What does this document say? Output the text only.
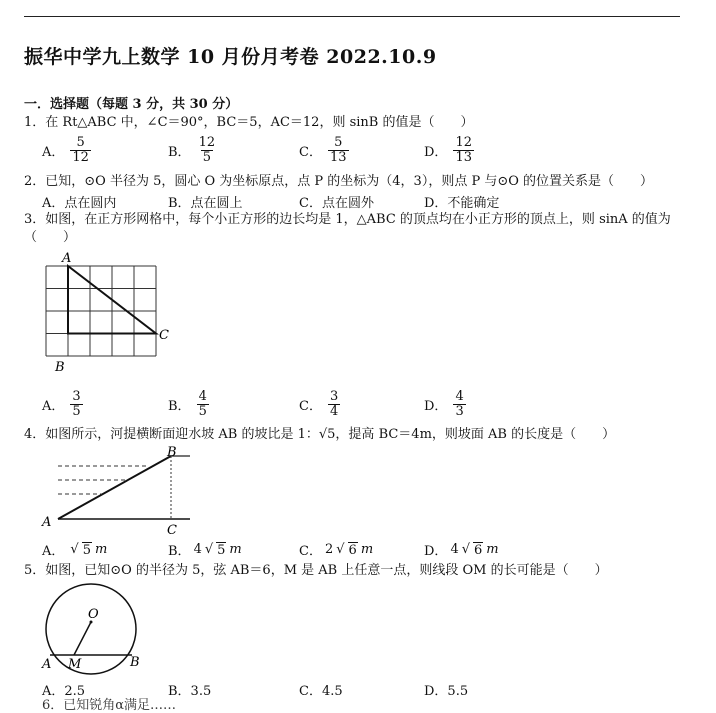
振华中学九上数学 10 月份月考卷 2022.10.9
一．选择题（每题 3 分，共 30 分）
1．在 Rt△ABC 中，∠C＝90°，BC＝5，AC＝12，则 sinB 的值是（　　）
A． $\frac{5}{12}$	B． $\frac{12}{5}$	C． $\frac{5}{13}$	D． $\frac{12}{13}$
2．已知，⊙O 半径为 5，圆心 O 为坐标原点，点 P 的坐标为（4，3），则点 P 与⊙O 的位置关系是（　　）
A．点在圆内	B．点在圆上	C．点在圆外	D．不能确定
3．如图，在正方形网格中，每个小正方形的边长均是 1，△ABC 的顶点均在小正方形的顶点上，则 sinA 的值为
（　　）
A
B
C
A． $\frac{3}{5}$	B． $\frac{4}{5}$	C． $\frac{3}{4}$	D． $\frac{4}{3}$
4．如图所示，河提横断面迎水坡 AB 的坡比是 1：√5，提高 BC＝4m，则坡面 AB 的长度是（　　）
A
B
C
A． √ 5 m	B． 4 √ 5 m	C． 2 √ 6 m	D． 4 √ 6 m
5．如图，已知⊙O 的半径为 5，弦 AB＝6，M 是 AB 上任意一点，则线段 OM 的长可能是（　　）
O
A M	B
A．2.5	B．3.5	C．4.5	D．5.5
6．已知锐角α满足……
